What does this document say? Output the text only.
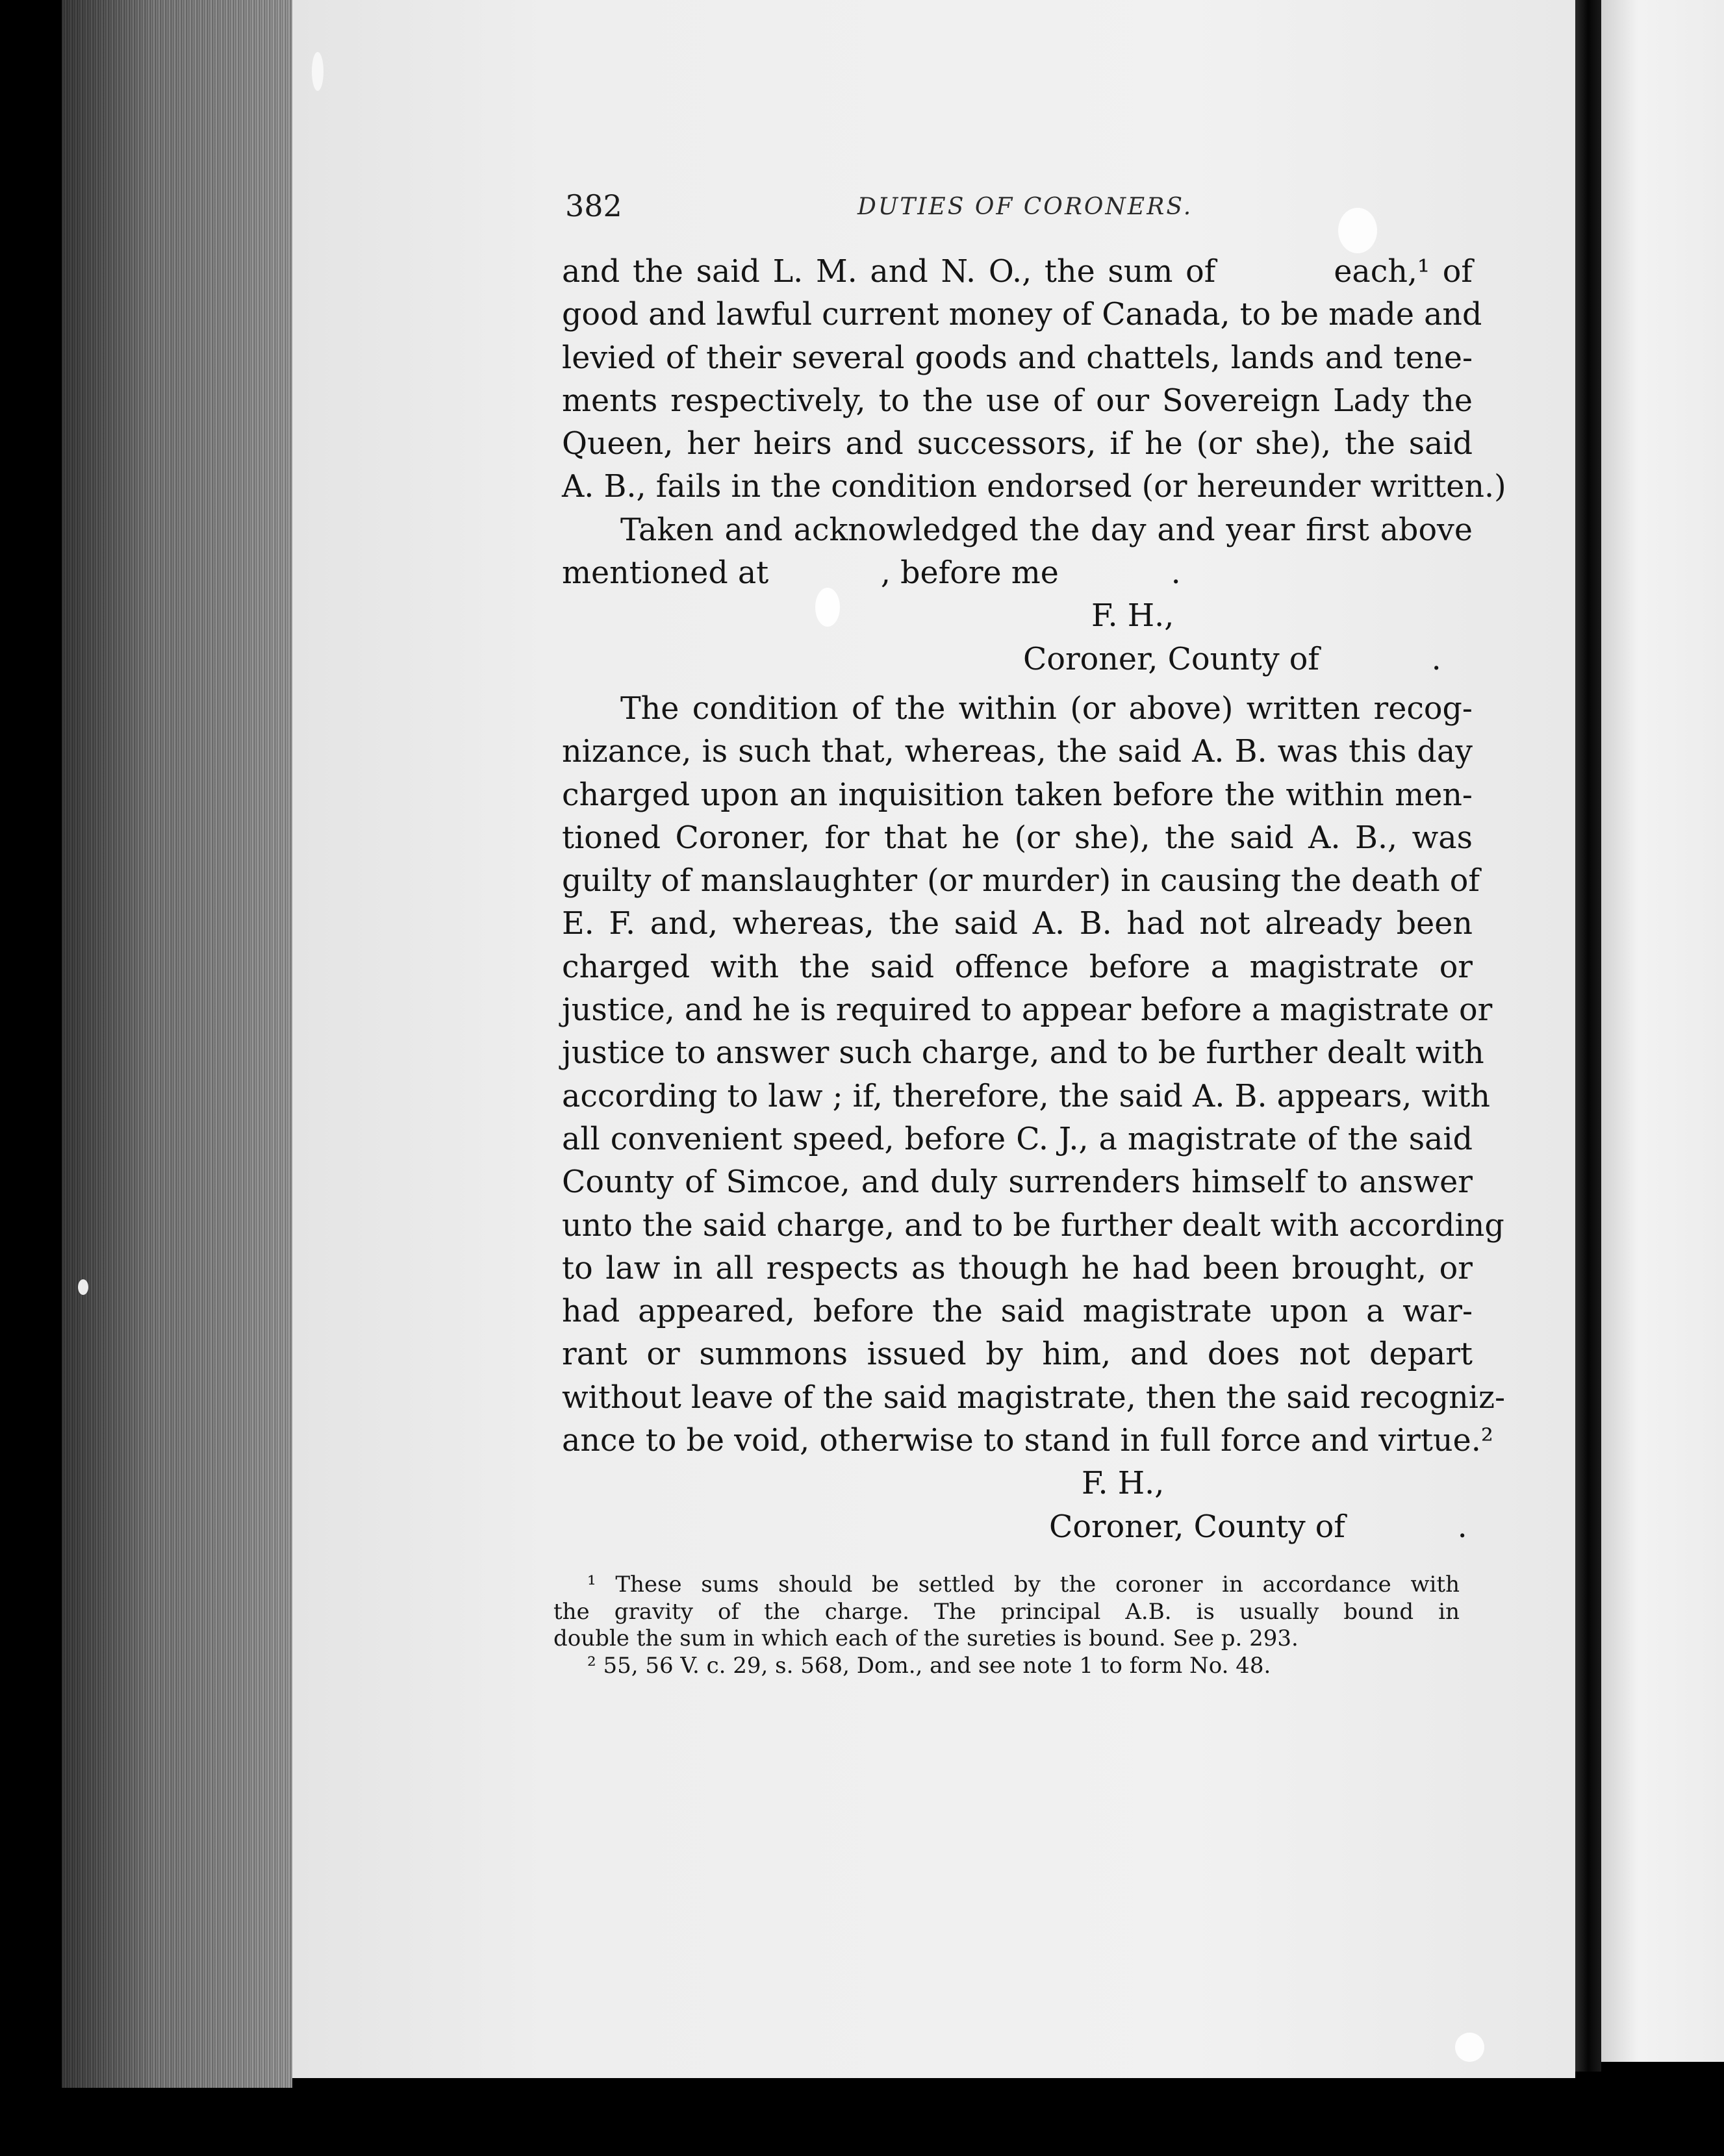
382	DUTIES OF CORONERS.
and the said L. M. and N. O., the sum of     each,¹ of
good and lawful current money of Canada, to be made and
levied of their several goods and chattels, lands and tene-
ments respectively, to the use of our Sovereign Lady the
Queen, her heirs and successors, if he (or she), the said
A. B., fails in the condition endorsed (or hereunder written.)
Taken and acknowledged the day and year first above
mentioned at     , before me     .
F. H.,
Coroner, County of     .
The condition of the within (or above) written recog-
nizance, is such that, whereas, the said A. B. was this day
charged upon an inquisition taken before the within men-
tioned Coroner, for that he (or she), the said A. B., was
guilty of manslaughter (or murder) in causing the death of
E. F. and, whereas, the said A. B. had not already been
charged with the said offence before a magistrate or
justice, and he is required to appear before a magistrate or
justice to answer such charge, and to be further dealt with
according to law ; if, therefore, the said A. B. appears, with
all convenient speed, before C. J., a magistrate of the said
County of Simcoe, and duly surrenders himself to answer
unto the said charge, and to be further dealt with according
to law in all respects as though he had been brought, or
had appeared, before the said magistrate upon a war-
rant or summons issued by him, and does not depart
without leave of the said magistrate, then the said recogniz-
ance to be void, otherwise to stand in full force and virtue.²
F. H.,
Coroner, County of     .
¹ These sums should be settled by the coroner in accordance with
the gravity of the charge. The principal A.B. is usually bound in
double the sum in which each of the sureties is bound. See p. 293.
² 55, 56 V. c. 29, s. 568, Dom., and see note 1 to form No. 48.
